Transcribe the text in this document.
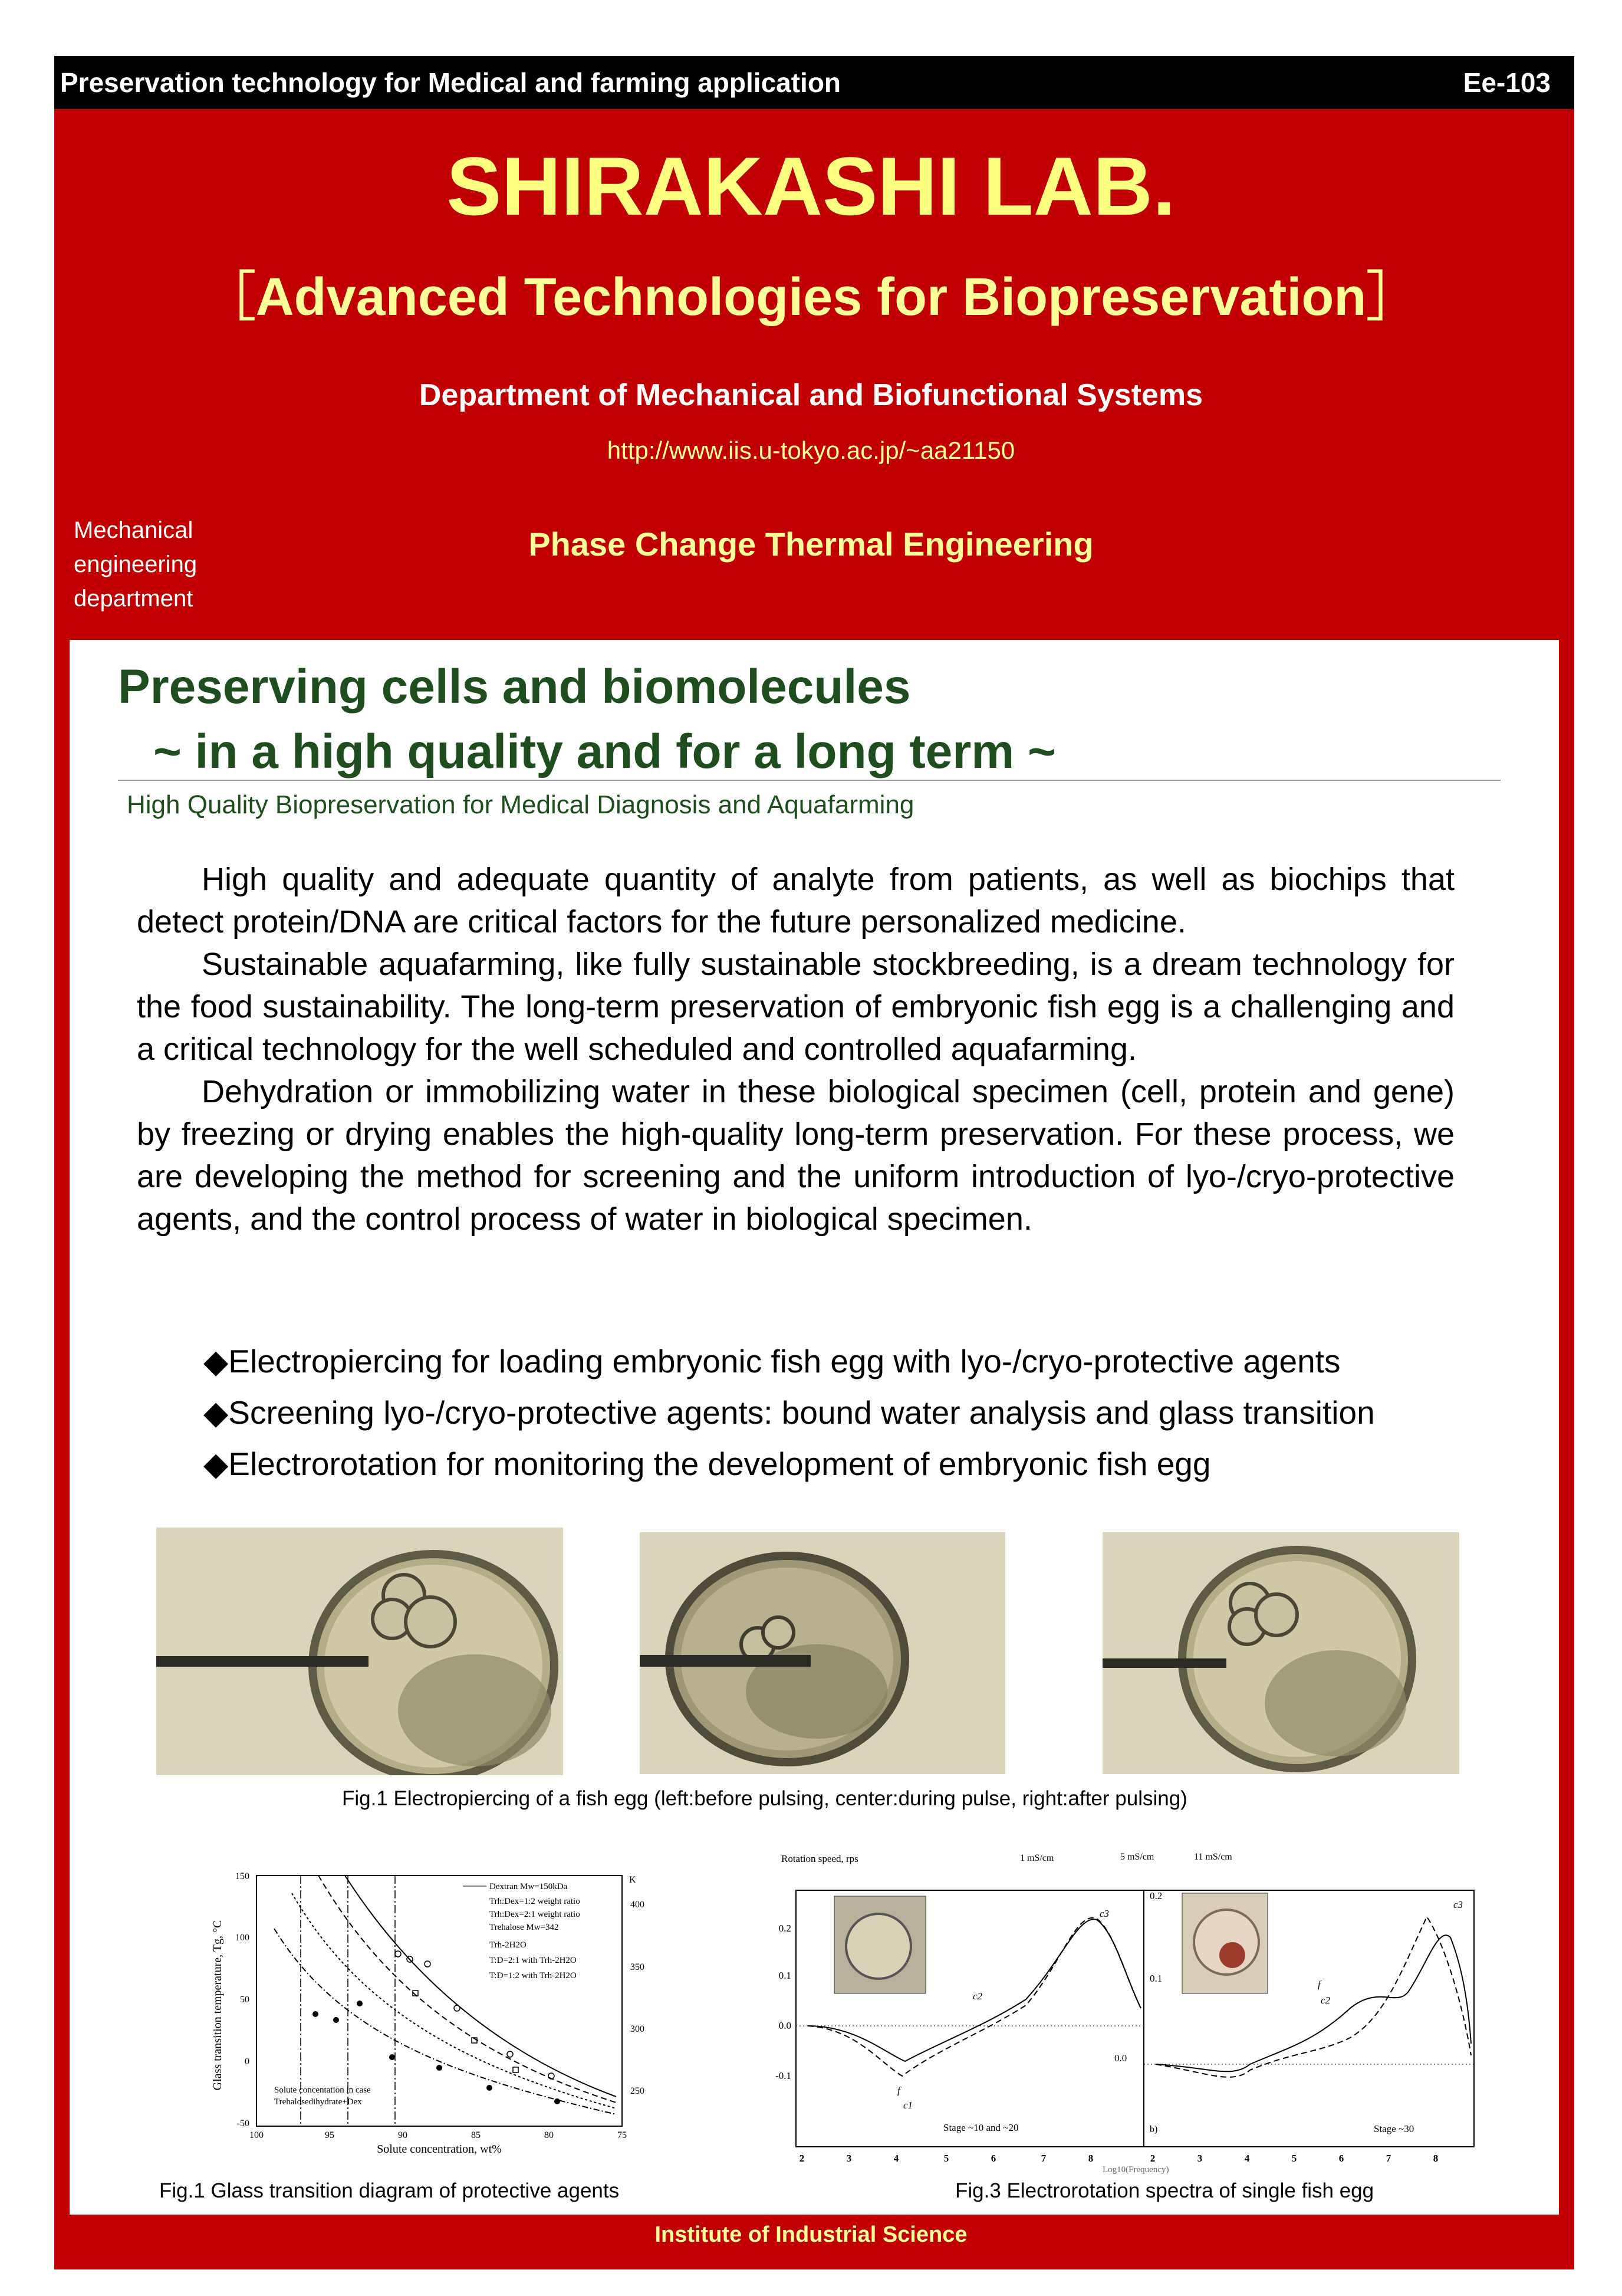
Preservation technology for Medical and farming application	Ee-103
SHIRAKASHI LAB.
［Advanced Technologies for Biopreservation］
Department of Mechanical and Biofunctional Systems
http://www.iis.u-tokyo.ac.jp/~aa21150
Phase Change Thermal Engineering
Mechanical
engineering
department
Preserving cells and biomolecules
~ in a high quality and for a long term ~
High Quality Biopreservation for Medical Diagnosis and Aquafarming

High quality and adequate quantity of analyte from patients, as well as biochips that detect protein/DNA are critical factors for the future personalized medicine.

Sustainable aquafarming, like fully sustainable stockbreeding, is a dream technology for the food sustainability. The long-term preservation of embryonic fish egg is a challenging and a critical technology for the well scheduled and controlled aquafarming.

Dehydration or immobilizing water in these biological specimen (cell, protein and gene) by freezing or drying enables the high-quality long-term preservation. For these process, we are developing the method for screening and the uniform introduction of lyo-/cryo-protective agents, and the control process of water in biological specimen.

◆Electropiercing for loading embryonic fish egg with lyo-/cryo-protective agents
◆Screening lyo-/cryo-protective agents: bound water analysis and glass transition
◆Electrorotation for monitoring the development of embryonic fish egg
Fig.1 Electropiercing of a fish egg (left:before pulsing, center:during pulse, right:after pulsing)
150
100
50
0
-50
100	95	90	85	80	75
K
400
350
300
250
Solute concentration, wt%
Glass transition temperature, Tg, °C
Dextran Mw=150kDa
Trh:Dex=1:2 weight ratio
Trh:Dex=2:1 weight ratio
Trehalose Mw=342
Trh-2H2O
T:D=2:1 with Trh-2H2O
T:D=1:2 with Trh-2H2O
Solute concentation in case
Trehalosedihydrate+Dex
Fig.1 Glass transition diagram of protective agents
Rotation speed, rps	1 mS/cm	5 mS/cm	11 mS/cm
0.2
0.1
0.0
-0.1
0.2
0.1
0.0
2	3	4	5	6	7	8	2	3	4	5	6	7	8
Log10(Frequency)
Stage ~10 and ~20	Stage ~30
b)
f
c1
c2
c3
f
c2
c3
Fig.3 Electrorotation spectra of single fish egg
Institute of Industrial Science
